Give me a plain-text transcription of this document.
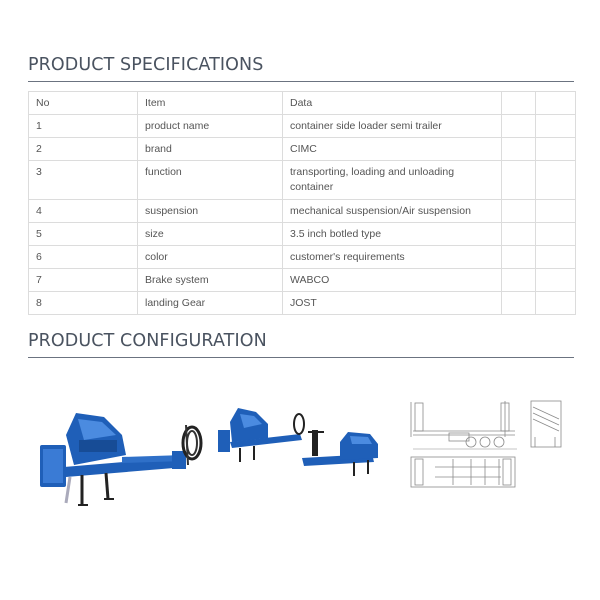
PRODUCT SPECIFICATIONS
No	Item	Data		
1	product name	container side loader semi trailer		
2	brand	CIMC		
3	function	transporting, loading and unloading container		
4	suspension	mechanical suspension/Air suspension		
5	size	3.5 inch botled type		
6	color	customer's requirements		
7	Brake system	WABCO		
8	landing Gear	JOST		
PRODUCT CONFIGURATION
